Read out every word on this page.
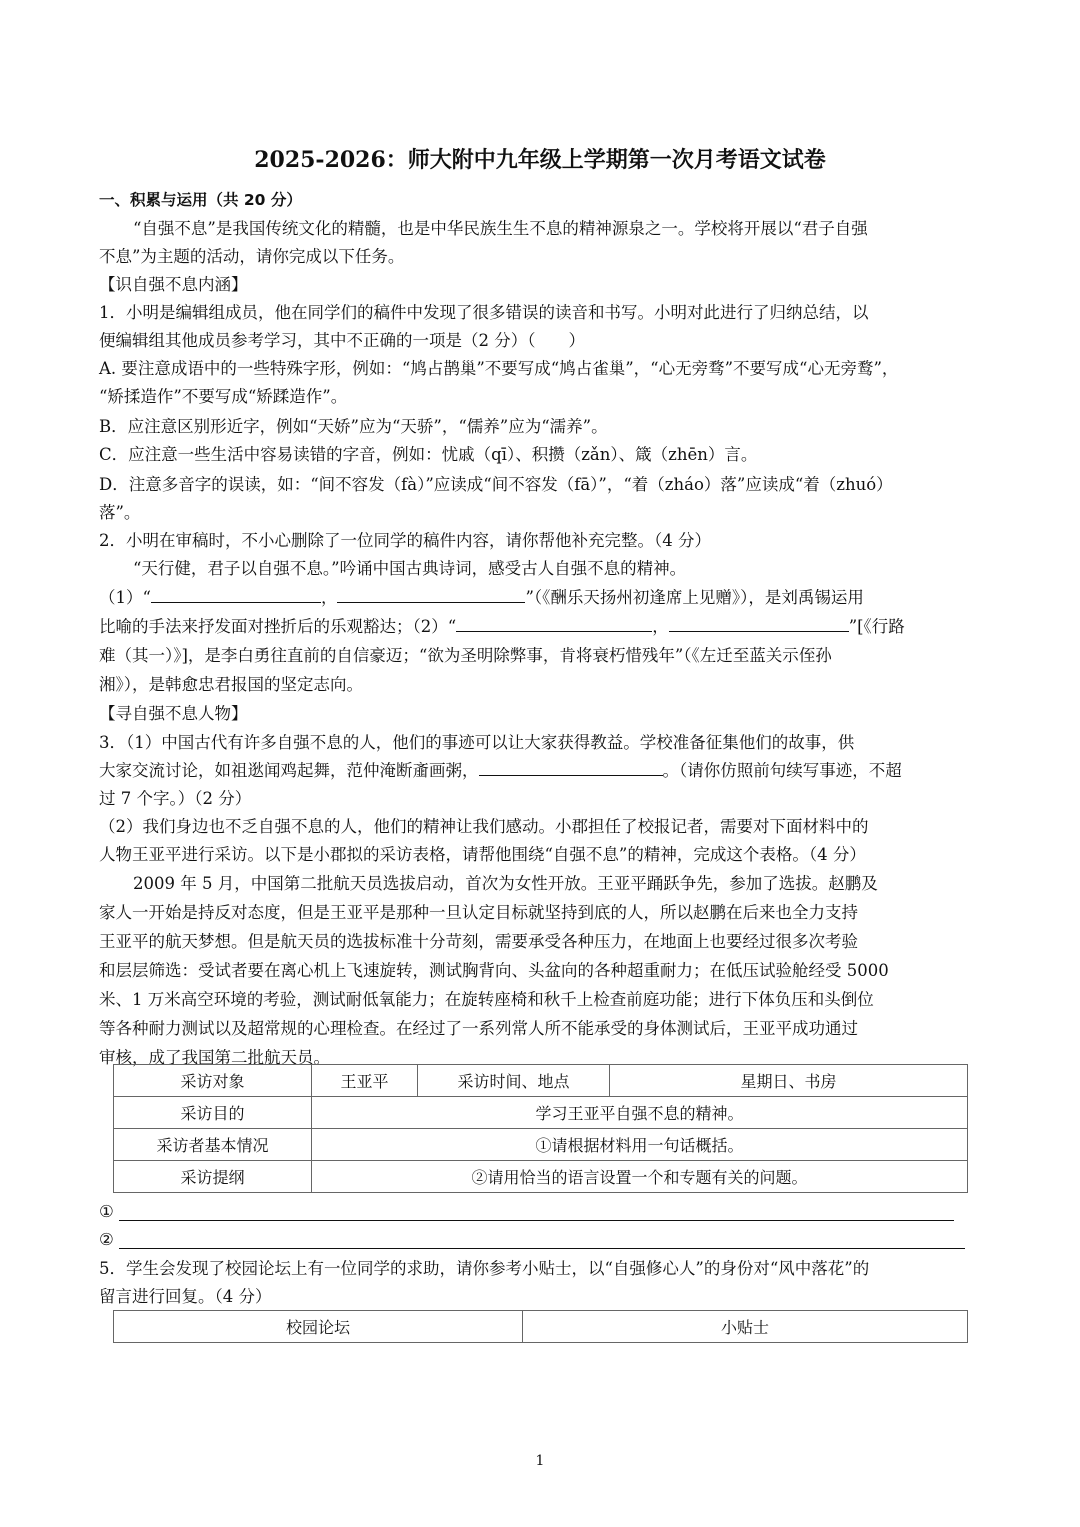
2025-2026：师大附中九年级上学期第一次月考语文试卷
一、积累与运用（共 20 分）
“自强不息”是我国传统文化的精髓，也是中华民族生生不息的精神源泉之一。学校将开展以“君子自强
不息”为主题的活动，请你完成以下任务。
【识自强不息内涵】
1．小明是编辑组成员，他在同学们的稿件中发现了很多错误的读音和书写。小明对此进行了归纳总结，以
便编辑组其他成员参考学习，其中不正确的一项是（2 分）（　　）
A. 要注意成语中的一些特殊字形，例如：“鸠占鹊巢”不要写成“鸠占雀巢”，“心无旁骛”不要写成“心无旁鹜”，
“矫揉造作”不要写成“矫蹂造作”。
B．应注意区别形近字，例如“天娇”应为“天骄”，“儒养”应为“濡养”。
C．应注意一些生活中容易读错的字音，例如：忧戚（qī）、积攒（zǎn）、箴（zhēn）言。
D．注意多音字的误读，如：“间不容发（fà）”应读成“间不容发（fā）”，“着（zháo）落”应读成“着（zhuó）
落”。
2．小明在审稿时，不小心删除了一位同学的稿件内容，请你帮他补充完整。（4 分）
“天行健，君子以自强不息。”吟诵中国古典诗词，感受古人自强不息的精神。
（1）“	，	”（《酬乐天扬州初逢席上见赠》），是刘禹锡运用
比喻的手法来抒发面对挫折后的乐观豁达；（2）“	，	”[《行路
难（其一）》]，是李白勇往直前的自信豪迈；“欲为圣明除弊事，肯将衰朽惜残年”（《左迁至蓝关示侄孙
湘》），是韩愈忠君报国的坚定志向。
【寻自强不息人物】
3．（1）中国古代有许多自强不息的人，他们的事迹可以让大家获得教益。学校准备征集他们的故事，供
大家交流讨论，如祖逖闻鸡起舞，范仲淹断齑画粥，	。（请你仿照前句续写事迹，不超
过 7 个字。）（2 分）
（2）我们身边也不乏自强不息的人，他们的精神让我们感动。小郡担任了校报记者，需要对下面材料中的
人物王亚平进行采访。以下是小郡拟的采访表格，请帮他围绕“自强不息”的精神，完成这个表格。（4 分）
2009 年 5 月，中国第二批航天员选拔启动，首次为女性开放。王亚平踊跃争先，参加了选拔。赵鹏及
家人一开始是持反对态度，但是王亚平是那种一旦认定目标就坚持到底的人，所以赵鹏在后来也全力支持
王亚平的航天梦想。但是航天员的选拔标准十分苛刻，需要承受各种压力，在地面上也要经过很多次考验
和层层筛选：受试者要在离心机上飞速旋转，测试胸背向、头盆向的各种超重耐力；在低压试验舱经受 5000
米、1 万米高空环境的考验，测试耐低氧能力；在旋转座椅和秋千上检查前庭功能；进行下体负压和头倒位
等各种耐力测试以及超常规的心理检查。在经过了一系列常人所不能承受的身体测试后，王亚平成功通过
审核，成了我国第二批航天员。
采访对象	王亚平	采访时间、地点	星期日、书房
采访目的	学习王亚平自强不息的精神。		
采访者基本情况	①请根据材料用一句话概括。		
采访提纲	②请用恰当的语言设置一个和专题有关的问题。		
①
②
5．学生会发现了校园论坛上有一位同学的求助，请你参考小贴士，以“自强修心人”的身份对“风中落花”的
留言进行回复。（4 分）
校园论坛	小贴士
1
